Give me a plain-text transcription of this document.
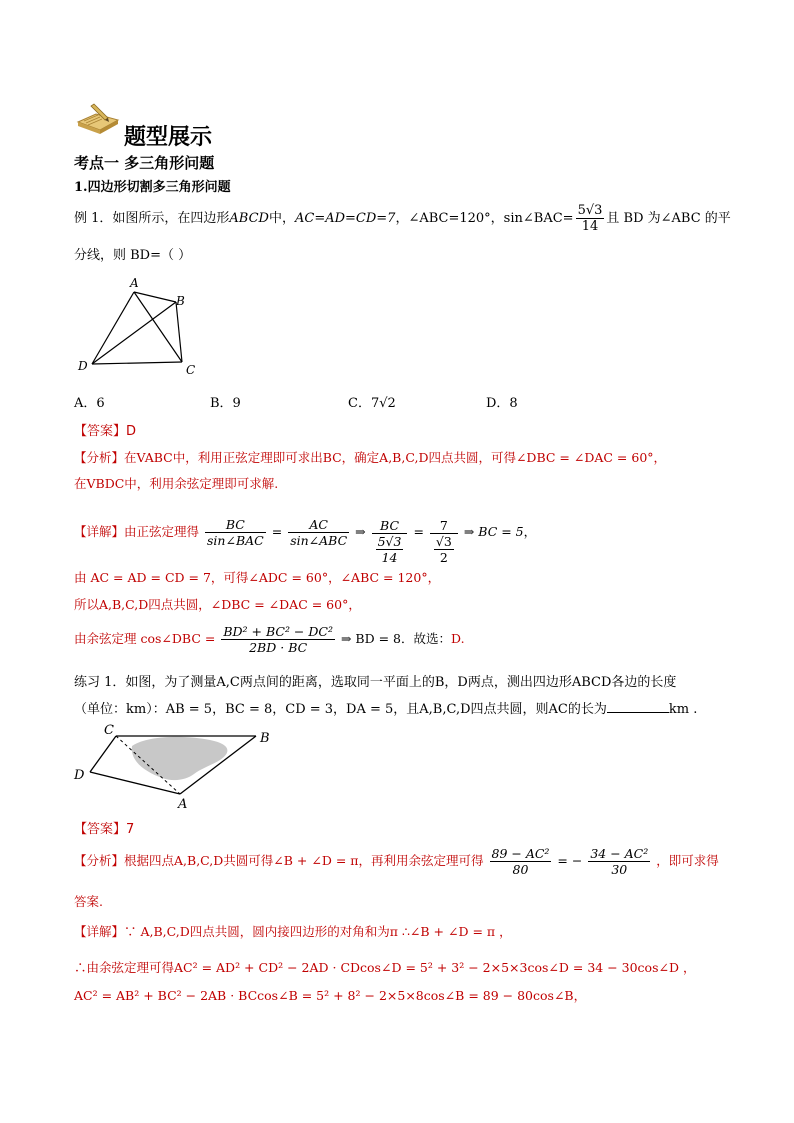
题型展示
考点一 多三角形问题
1.四边形切割多三角形问题
例 1．如图所示，在四边形ABCD中，AC=AD=CD=7，∠ABC=120°，sin∠BAC= $\frac{5√3}{14}$ 且 BD 为∠ABC 的平
分线，则 BD=（ ）
A
B
C
D
A．6	B．9	C．7√2	D．8
【答案】D
【分析】在VABC中，利用正弦定理即可求出BC，确定A,B,C,D四点共圆，可得∠DBC = ∠DAC = 60°，
在VBDC中，利用余弦定理即可求解.
【详解】由正弦定理得 $\frac{BC}{\text{sin∠BAC}} = \frac{AC}{\text{sin∠ABC}}$ ⇒ $\frac{BC}{\frac{5√3}{14}} = \frac{7}{\frac{√3}{2}}$ ⇒ BC = 5，
由 AC = AD = CD = 7，可得∠ADC = 60°，∠ABC = 120°，
所以A,B,C,D四点共圆，∠DBC = ∠DAC = 60°，
由余弦定理 cos∠DBC = $\frac{\text{BD² + BC² − DC²}}{2BD \cdot BC}$ ⇒ BD = 8．故选：D.
练习 1．如图，为了测量A,C两点间的距离，选取同一平面上的B，D两点，测出四边形ABCD各边的长度
（单位：km）：AB = 5，BC = 8，CD = 3，DA = 5，且A,B,C,D四点共圆，则AC的长为	km .
C
B
A
D
【答案】7
【分析】根据四点A,B,C,D共圆可得∠B + ∠D = π，再利用余弦定理可得 $\frac{\text{89 − AC²}}{80}$ = − $\frac{\text{34 − AC²}}{30}$ ，即可求得
答案.
【详解】∵ A,B,C,D四点共圆，圆内接四边形的对角和为π ∴∠B + ∠D = π ，
∴由余弦定理可得AC² = AD² + CD² − 2AD · CDcos∠D = 5² + 3² − 2×5×3cos∠D = 34 − 30cos∠D ，
AC² = AB² + BC² − 2AB · BCcos∠B = 5² + 8² − 2×5×8cos∠B = 89 − 80cos∠B，
